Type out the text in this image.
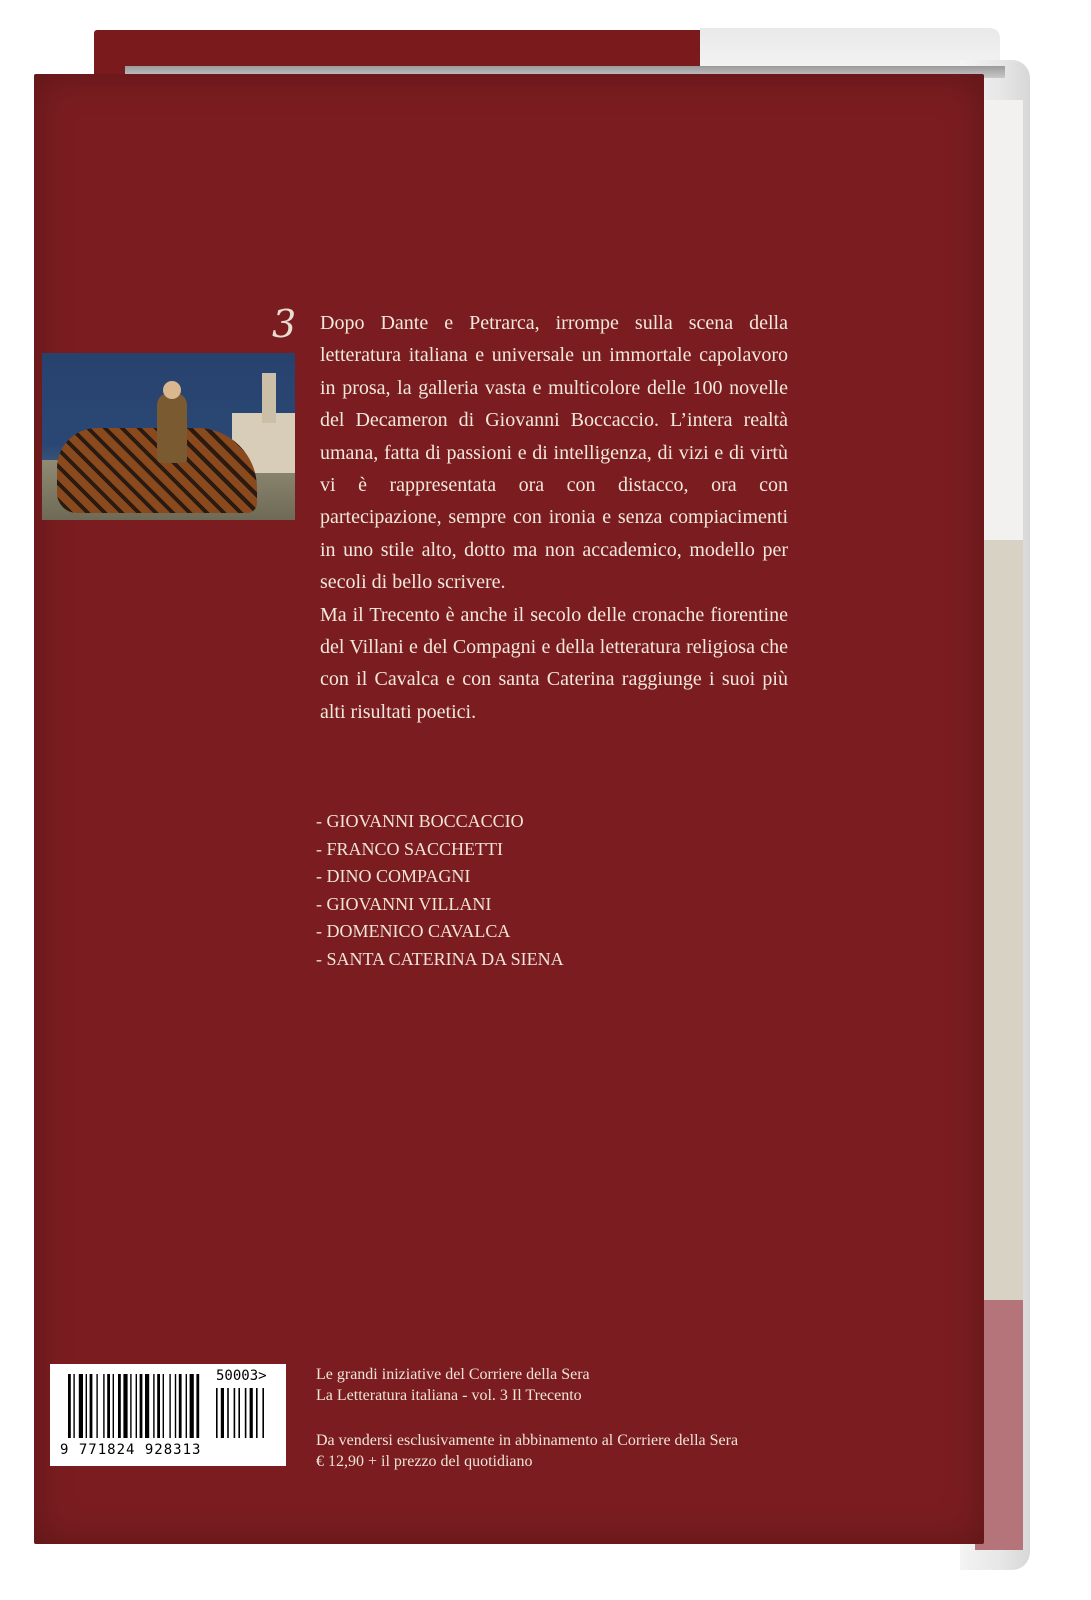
3 Dopo Dante e Petrarca, irrompe sulla scena della letteratura italiana e universale un immortale capolavoro in prosa, la galleria vasta e multicolore delle 100 novelle del Decameron di Giovanni Boccaccio. L’intera realtà umana, fatta di passioni e di intelligenza, di vizi e di virtù vi è rappresentata ora con distacco, ora con partecipazione, sempre con ironia e senza compiacimenti in uno stile alto, dotto ma non accademico, modello per secoli di bello scrivere.

Ma il Trecento è anche il secolo delle cronache fiorentine del Villani e del Compagni e della letteratura religiosa che con il Cavalca e con santa Caterina raggiunge i suoi più alti risultati poetici.

- GIOVANNI BOCCACCIO
- FRANCO SACCHETTI
- DINO COMPAGNI
- GIOVANNI VILLANI
- DOMENICO CAVALCA
- SANTA CATERINA DA SIENA
9 771824 928313
50003>	Le grandi iniziative del Corriere della Sera
La Letteratura italiana - vol. 3 Il Trecento
Da vendersi esclusivamente in abbinamento al Corriere della Sera
€ 12,90 + il prezzo del quotidiano
